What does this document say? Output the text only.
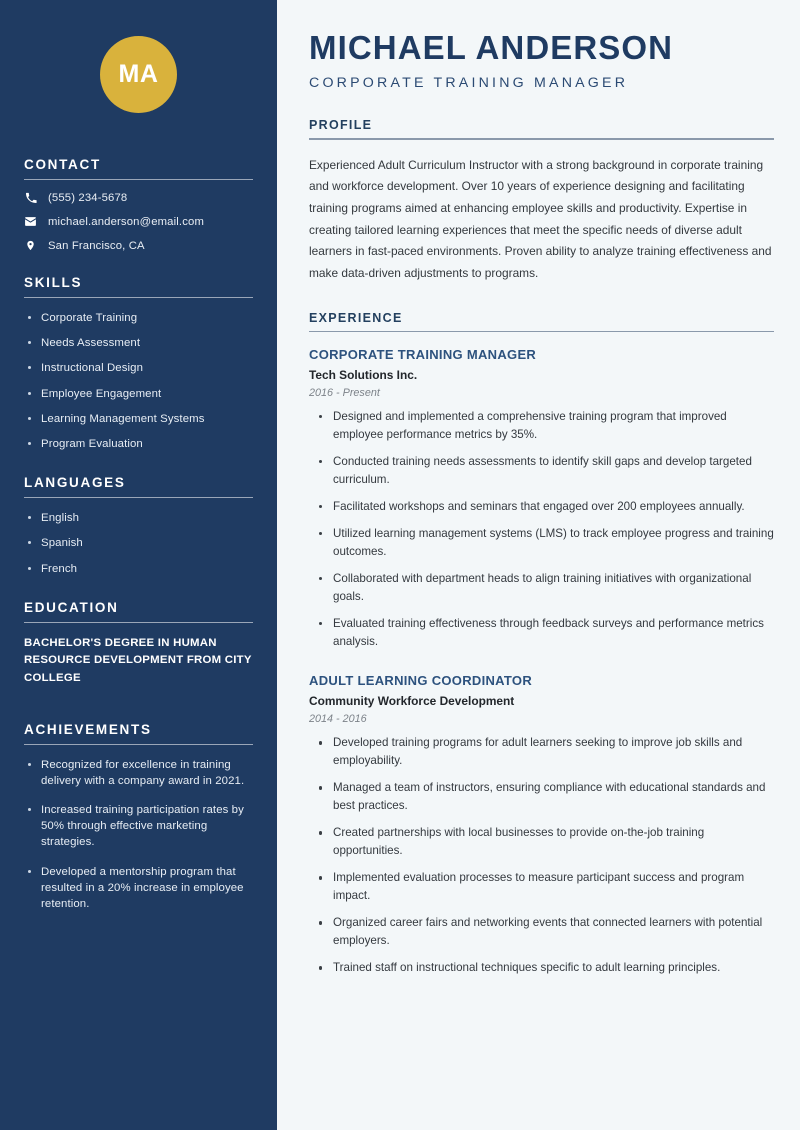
MA
CONTACT
(555) 234-5678
michael.anderson@email.com
San Francisco, CA
SKILLS
Corporate Training
Needs Assessment
Instructional Design
Employee Engagement
Learning Management Systems
Program Evaluation
LANGUAGES
English
Spanish
French
EDUCATION
BACHELOR'S DEGREE IN HUMAN RESOURCE DEVELOPMENT FROM CITY COLLEGE
ACHIEVEMENTS
Recognized for excellence in training delivery with a company award in 2021.
Increased training participation rates by 50% through effective marketing strategies.
Developed a mentorship program that resulted in a 20% increase in employee retention.
MICHAEL ANDERSON
CORPORATE TRAINING MANAGER
PROFILE

Experienced Adult Curriculum Instructor with a strong background in corporate training and workforce development. Over 10 years of experience designing and facilitating training programs aimed at enhancing employee skills and productivity. Expertise in creating tailored learning experiences that meet the specific needs of diverse adult learners in fast-paced environments. Proven ability to analyze training effectiveness and make data-driven adjustments to programs.

EXPERIENCE
CORPORATE TRAINING MANAGER
Tech Solutions Inc.
2016 - Present
Designed and implemented a comprehensive training program that improved employee performance metrics by 35%.
Conducted training needs assessments to identify skill gaps and develop targeted curriculum.
Facilitated workshops and seminars that engaged over 200 employees annually.
Utilized learning management systems (LMS) to track employee progress and training outcomes.
Collaborated with department heads to align training initiatives with organizational goals.
Evaluated training effectiveness through feedback surveys and performance metrics analysis.
ADULT LEARNING COORDINATOR
Community Workforce Development
2014 - 2016
Developed training programs for adult learners seeking to improve job skills and employability.
Managed a team of instructors, ensuring compliance with educational standards and best practices.
Created partnerships with local businesses to provide on-the-job training opportunities.
Implemented evaluation processes to measure participant success and program impact.
Organized career fairs and networking events that connected learners with potential employers.
Trained staff on instructional techniques specific to adult learning principles.
